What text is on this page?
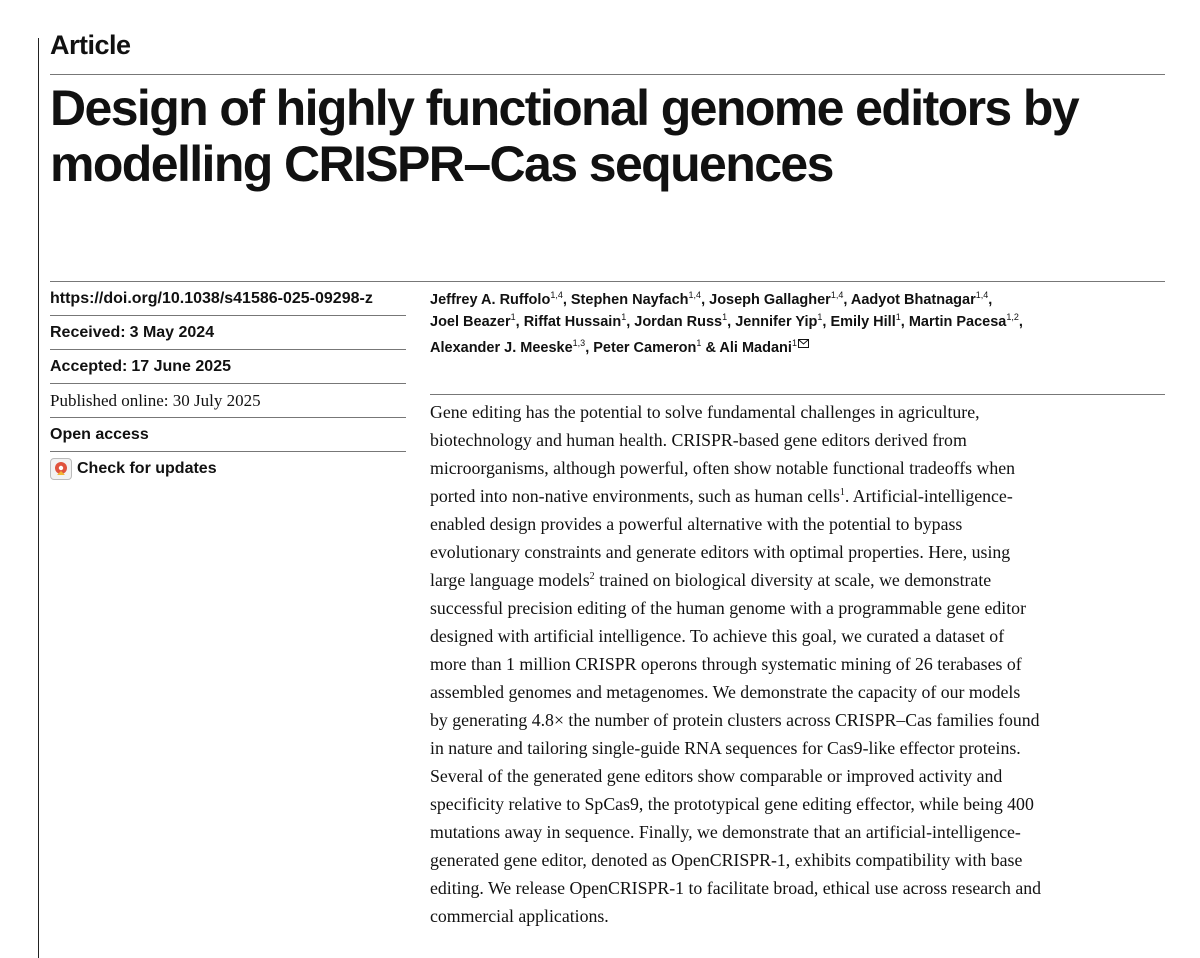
Article
Design of highly functional genome editors by modelling CRISPR–Cas sequences
https://doi.org/10.1038/s41586-025-09298-z
Received: 3 May 2024
Accepted: 17 June 2025
Published online: 30 July 2025
Open access
Check for updates

Jeffrey A. Ruffolo$^{1,4}$, Stephen Nayfach$^{1,4}$, Joseph Gallagher$^{1,4}$, Aadyot Bhatnagar$^{1,4}$,
Joel Beazer$^1$, Riffat Hussain$^1$, Jordan Russ$^1$, Jennifer Yip$^1$, Emily Hill$^1$, Martin Pacesa$^{1,2}$,
Alexander J. Meeske$^{1,3}$, Peter Cameron$^1$ & Ali Madani$^1$

Gene editing has the potential to solve fundamental challenges in agriculture,
biotechnology and human health. CRISPR-based gene editors derived from
microorganisms, although powerful, often show notable functional tradeoffs when
ported into non-native environments, such as human cells$^1$. Artificial-intelligence-
enabled design provides a powerful alternative with the potential to bypass
evolutionary constraints and generate editors with optimal properties. Here, using
large language models$^2$ trained on biological diversity at scale, we demonstrate
successful precision editing of the human genome with a programmable gene editor
designed with artificial intelligence. To achieve this goal, we curated a dataset of
more than 1 million CRISPR operons through systematic mining of 26 terabases of
assembled genomes and metagenomes. We demonstrate the capacity of our models
by generating 4.8× the number of protein clusters across CRISPR–Cas families found
in nature and tailoring single-guide RNA sequences for Cas9-like effector proteins.
Several of the generated gene editors show comparable or improved activity and
specificity relative to SpCas9, the prototypical gene editing effector, while being 400
mutations away in sequence. Finally, we demonstrate that an artificial-intelligence-
generated gene editor, denoted as OpenCRISPR-1, exhibits compatibility with base
editing. We release OpenCRISPR-1 to facilitate broad, ethical use across research and
commercial applications.
